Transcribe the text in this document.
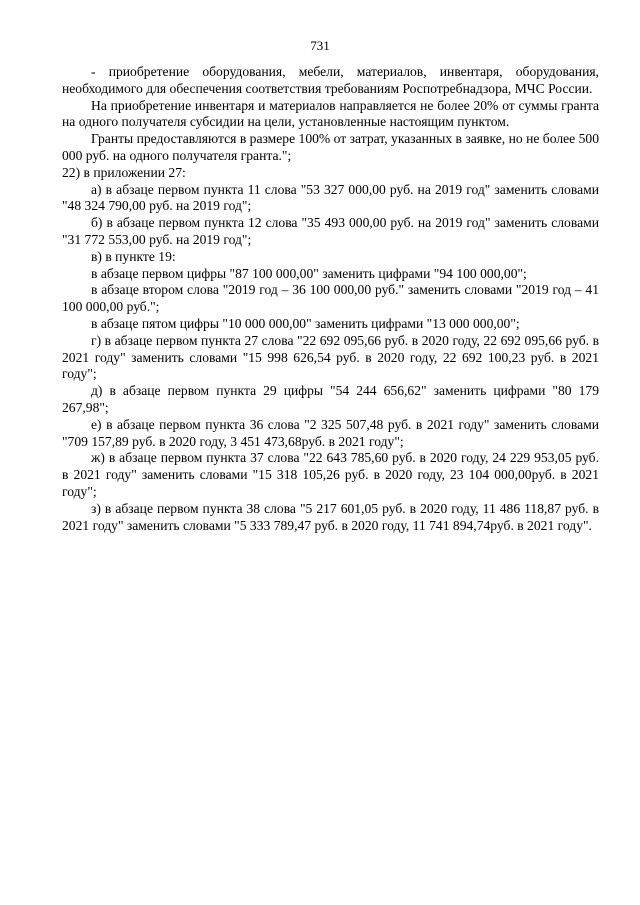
731

- приобретение оборудования, мебели, материалов, инвентаря, оборудования, необходимого для обеспечения соответствия требованиям Роспотребнадзора, МЧС России.

На приобретение инвентаря и материалов направляется не более 20% от суммы гранта на одного получателя субсидии на цели, установленные настоящим пунктом.

Гранты предоставляются в размере 100% от затрат, указанных в заявке, но не более 500 000 руб. на одного получателя гранта.";

22) в приложении 27:

а) в абзаце первом пункта 11 слова "53 327 000,00 руб. на 2019 год" заменить словами "48 324 790,00 руб. на 2019 год";

б) в абзаце первом пункта 12 слова "35 493 000,00 руб. на 2019 год" заменить словами "31 772 553,00 руб. на 2019 год";

в) в пункте 19:

в абзаце первом цифры "87 100 000,00" заменить цифрами "94 100 000,00";

в абзаце втором слова "2019 год – 36 100 000,00 руб." заменить словами "2019 год – 41 100 000,00 руб.";

в абзаце пятом цифры "10 000 000,00" заменить цифрами "13 000 000,00";

г) в абзаце первом пункта 27 слова "22 692 095,66 руб. в 2020 году, 22 692 095,66 руб. в 2021 году" заменить словами "15 998 626,54 руб. в 2020 году, 22 692 100,23 руб. в 2021 году";

д) в абзаце первом пункта 29 цифры "54 244 656,62" заменить цифрами "80 179 267,98";

е) в абзаце первом пункта 36 слова "2 325 507,48 руб. в 2021 году" заменить словами "709 157,89 руб. в 2020 году, 3 451 473,68руб. в 2021 году";

ж) в абзаце первом пункта 37 слова "22 643 785,60 руб. в 2020 году, 24 229 953,05 руб. в 2021 году" заменить словами "15 318 105,26 руб. в 2020 году, 23 104 000,00руб. в 2021 году";

з) в абзаце первом пункта 38 слова "5 217 601,05 руб. в 2020 году, 11 486 118,87 руб. в 2021 году" заменить словами "5 333 789,47 руб. в 2020 году, 11 741 894,74руб. в 2021 году".
